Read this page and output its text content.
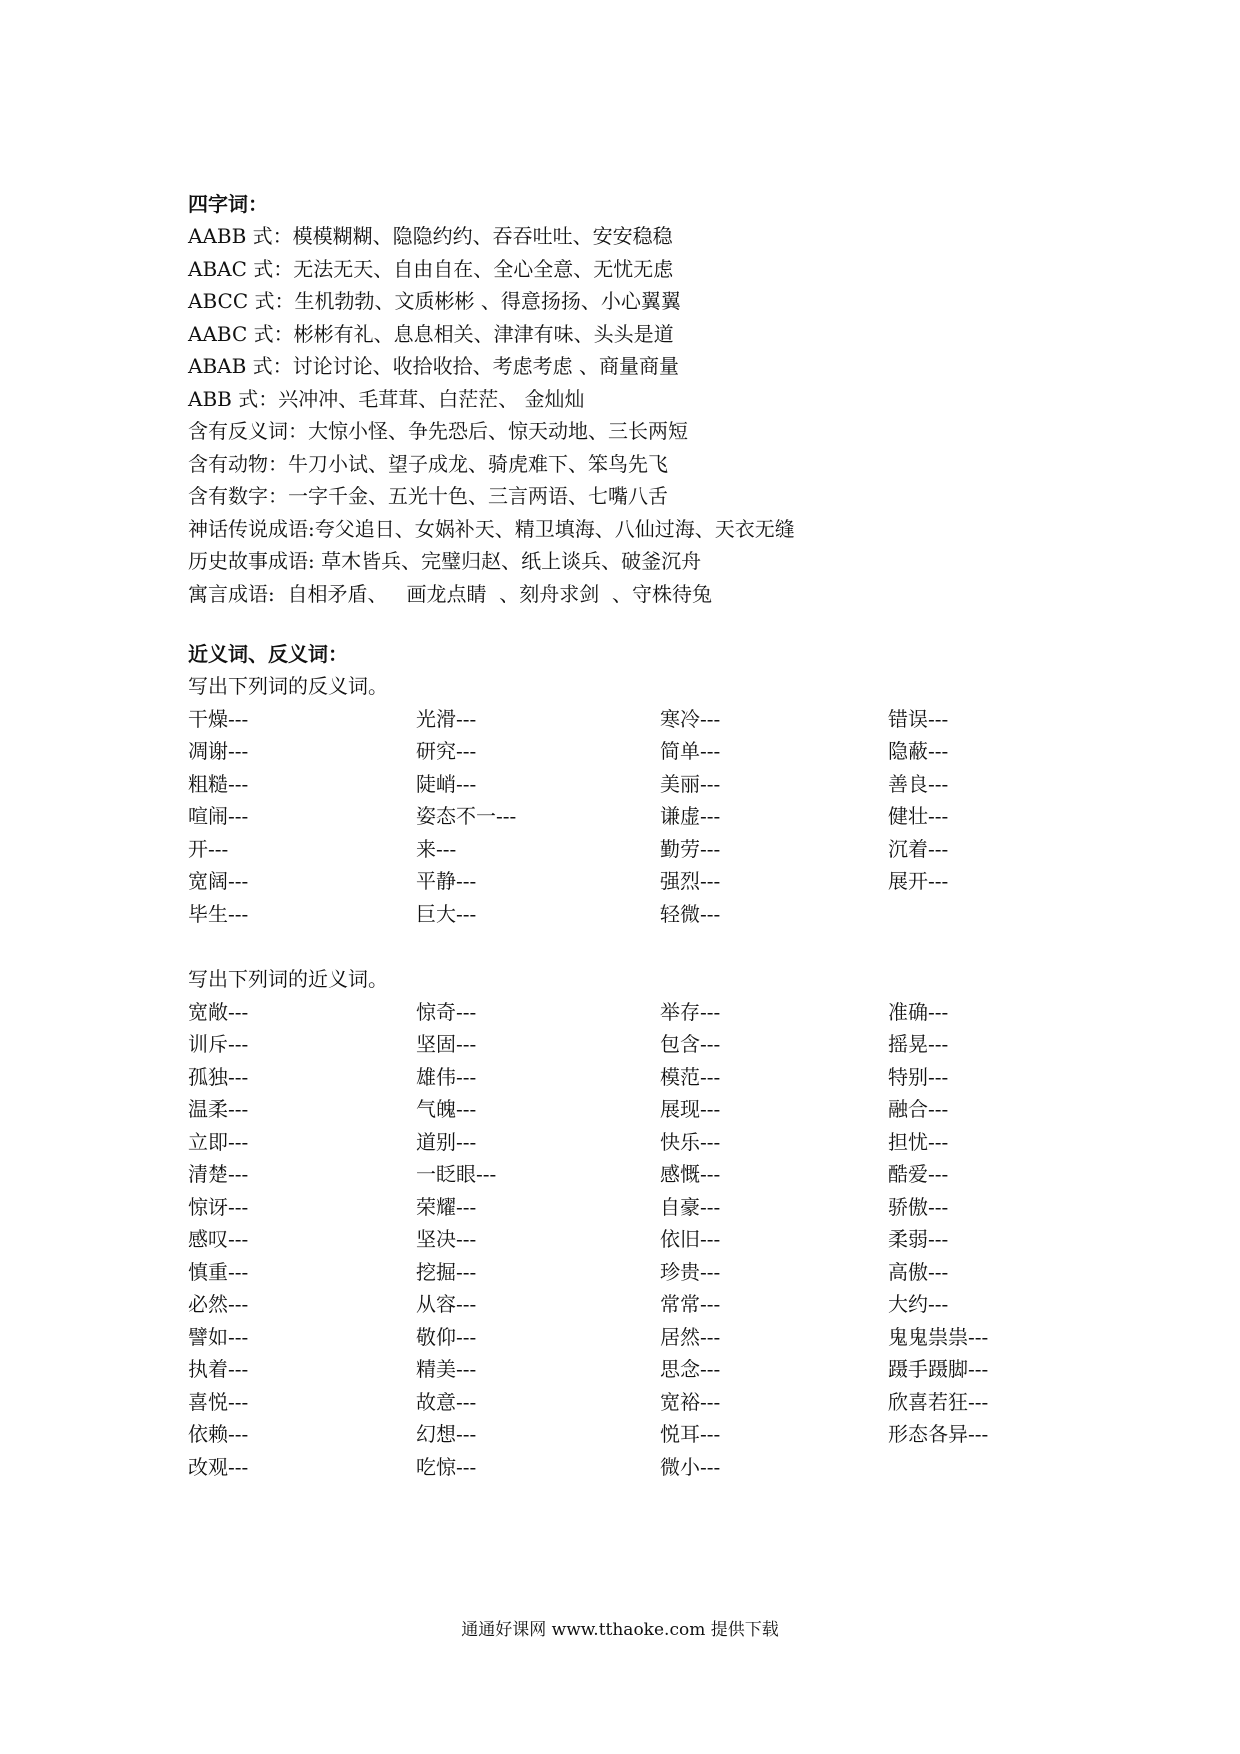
四字词：
AABB 式：模模糊糊、隐隐约约、吞吞吐吐、安安稳稳
ABAC 式：无法无天、自由自在、全心全意、无忧无虑
ABCC 式：生机勃勃、文质彬彬 、得意扬扬、小心翼翼
AABC 式：彬彬有礼、息息相关、津津有味、头头是道
ABAB 式：讨论讨论、收拾收拾、考虑考虑 、商量商量
ABB 式：兴冲冲、毛茸茸、白茫茫、 金灿灿
含有反义词：大惊小怪、争先恐后、惊天动地、三长两短
含有动物：牛刀小试、望子成龙、骑虎难下、笨鸟先飞
含有数字：一字千金、五光十色、三言两语、七嘴八舌
神话传说成语:夸父追日、女娲补天、精卫填海、八仙过海、天衣无缝
历史故事成语: 草木皆兵、完璧归赵、纸上谈兵、破釜沉舟
寓言成语:  自相矛盾、   画龙点睛  、刻舟求剑  、守株待兔
近义词、反义词：
写出下列词的反义词。
干燥---	光滑---	寒冷---	错误---
凋谢---	研究---	简单---	隐蔽---
粗糙---	陡峭---	美丽---	善良---
喧闹---	姿态不一---	谦虚---	健壮---
开---	来---	勤劳---	沉着---
宽阔---	平静---	强烈---	展开---
毕生---	巨大---	轻微---
写出下列词的近义词。
宽敞---	惊奇---	举存---	准确---
训斥---	坚固---	包含---	摇晃---
孤独---	雄伟---	模范---	特别---
温柔---	气魄---	展现---	融合---
立即---	道别---	快乐---	担忧---
清楚---	一眨眼---	感慨---	酷爱---
惊讶---	荣耀---	自豪---	骄傲---
感叹---	坚决---	依旧---	柔弱---
慎重---	挖掘---	珍贵---	高傲---
必然---	从容---	常常---	大约---
譬如---	敬仰---	居然---	鬼鬼祟祟---
执着---	精美---	思念---	蹑手蹑脚---
喜悦---	故意---	宽裕---	欣喜若狂---
依赖---	幻想---	悦耳---	形态各异---
改观---	吃惊---	微小---
通通好课网 www.tthaoke.com 提供下载
